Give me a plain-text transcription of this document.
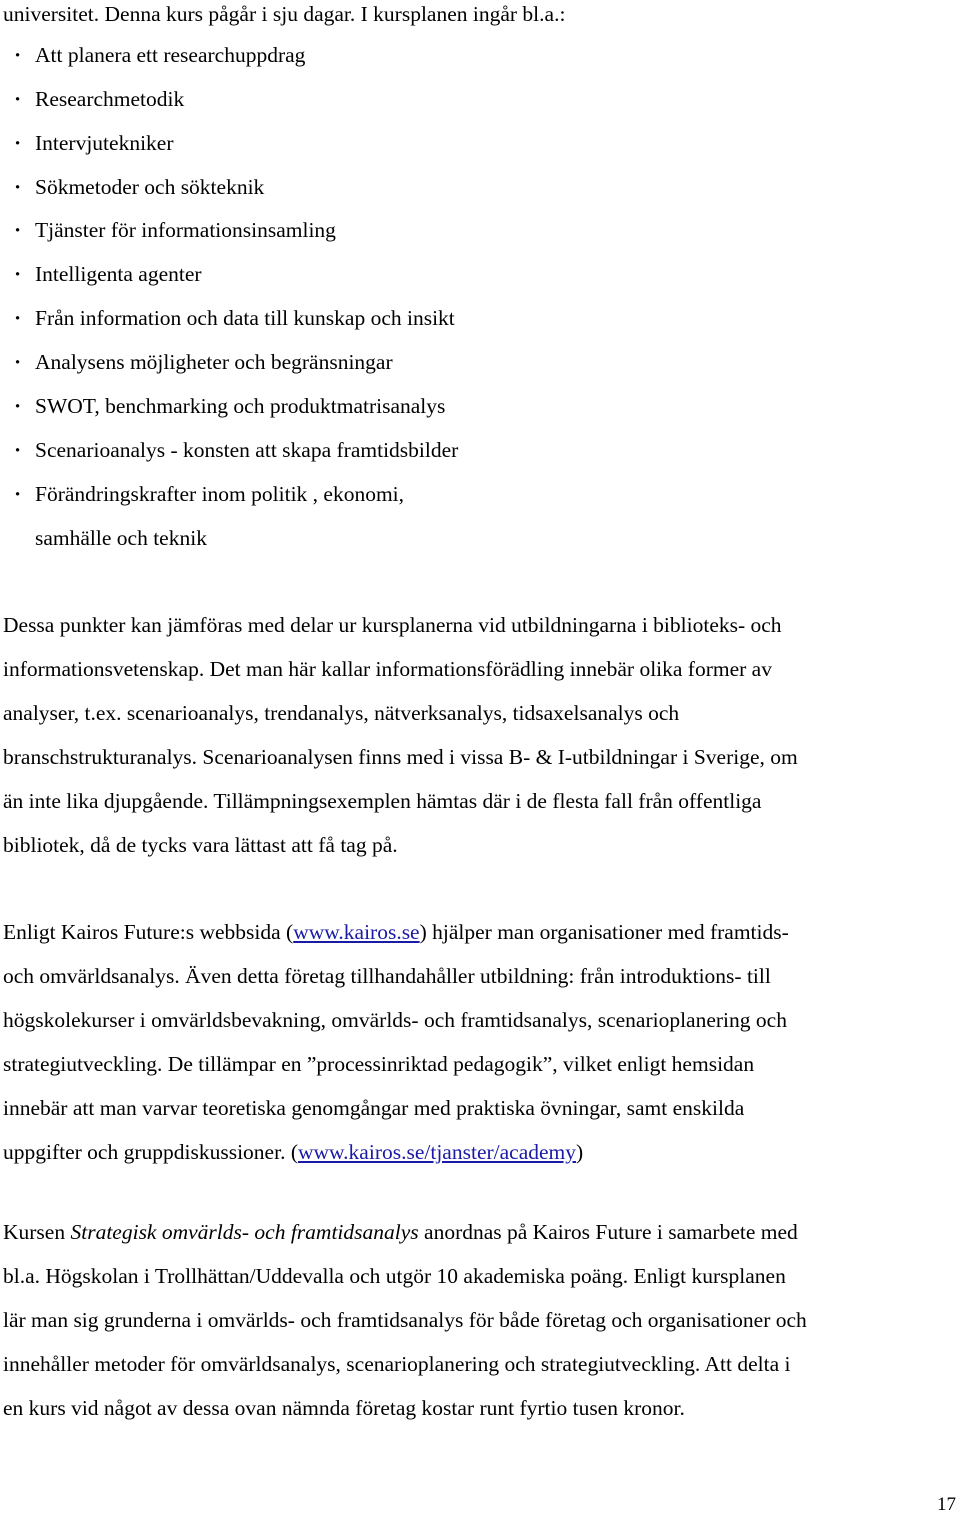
universitet. Denna kurs pågår i sju dagar. I kursplanen ingår bl.a.:
· Att planera ett researchuppdrag
· Researchmetodik
· Intervjutekniker
· Sökmetoder och sökteknik
· Tjänster för informationsinsamling
· Intelligenta agenter
· Från information och data till kunskap och insikt
· Analysens möjligheter och begränsningar
· SWOT, benchmarking och produktmatrisanalys
· Scenarioanalys - konsten att skapa framtidsbilder
· Förändringskrafter inom politik , ekonomi,
samhälle och teknik
Dessa punkter kan jämföras med delar ur kursplanerna vid utbildningarna i biblioteks- och
informationsvetenskap. Det man här kallar informationsförädling innebär olika former av
analyser, t.ex. scenarioanalys, trendanalys, nätverksanalys, tidsaxelsanalys och
branschstrukturanalys. Scenarioanalysen finns med i vissa B- & I-utbildningar i Sverige, om
än inte lika djupgående. Tillämpningsexemplen hämtas där i de flesta fall från offentliga
bibliotek, då de tycks vara lättast att få tag på.
Enligt Kairos Future:s webbsida (www.kairos.se) hjälper man organisationer med framtids-
och omvärldsanalys. Även detta företag tillhandahåller utbildning: från introduktions- till
högskolekurser i omvärldsbevakning, omvärlds- och framtidsanalys, scenarioplanering och
strategiutveckling. De tillämpar en ”processinriktad pedagogik”, vilket enligt hemsidan
innebär att man varvar teoretiska genomgångar med praktiska övningar, samt enskilda
uppgifter och gruppdiskussioner. (www.kairos.se/tjanster/academy)
Kursen Strategisk omvärlds- och framtidsanalys anordnas på Kairos Future i samarbete med
bl.a. Högskolan i Trollhättan/Uddevalla och utgör 10 akademiska poäng. Enligt kursplanen
lär man sig grunderna i omvärlds- och framtidsanalys för både företag och organisationer och
innehåller metoder för omvärldsanalys, scenarioplanering och strategiutveckling. Att delta i
en kurs vid något av dessa ovan nämnda företag kostar runt fyrtio tusen kronor.
17
